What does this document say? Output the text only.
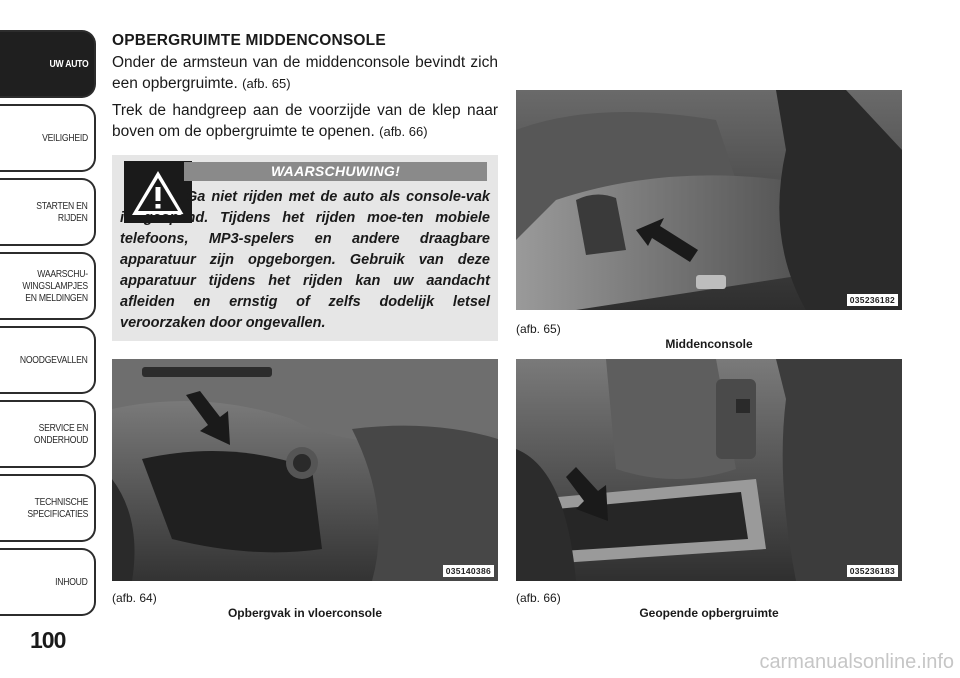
UW AUTO
VEILIGHEID
STARTEN EN
RIJDEN
WAARSCHU-
WINGSLAMPJES
EN MELDINGEN
NOODGEVALLEN
SERVICE EN
ONDERHOUD
TECHNISCHE
SPECIFICATIES
INHOUD
100
OPBERGRUIMTE MIDDENCONSOLE
Onder de armsteun van de middenconsole bevindt zich een opbergruimte. (afb. 65)
Trek de handgreep aan de voorzijde van de klep naar boven om de opbergruimte te openen. (afb. 66)
WAARSCHUWING!
Ga niet rijden met de auto als console-vak is geopend. Tijdens het rijden moe-ten mobiele telefoons, MP3-spelers en andere draagbare apparatuur zijn opgeborgen. Gebruik van deze apparatuur tijdens het rijden kan uw aandacht afleiden en ernstig of zelfs dodelijk letsel veroorzaken door ongevallen.
035236182
(afb. 65)
Middenconsole
035140386
(afb. 64)
Opbergvak in vloerconsole
035236183
(afb. 66)
Geopende opbergruimte
carmanualsonline.info
